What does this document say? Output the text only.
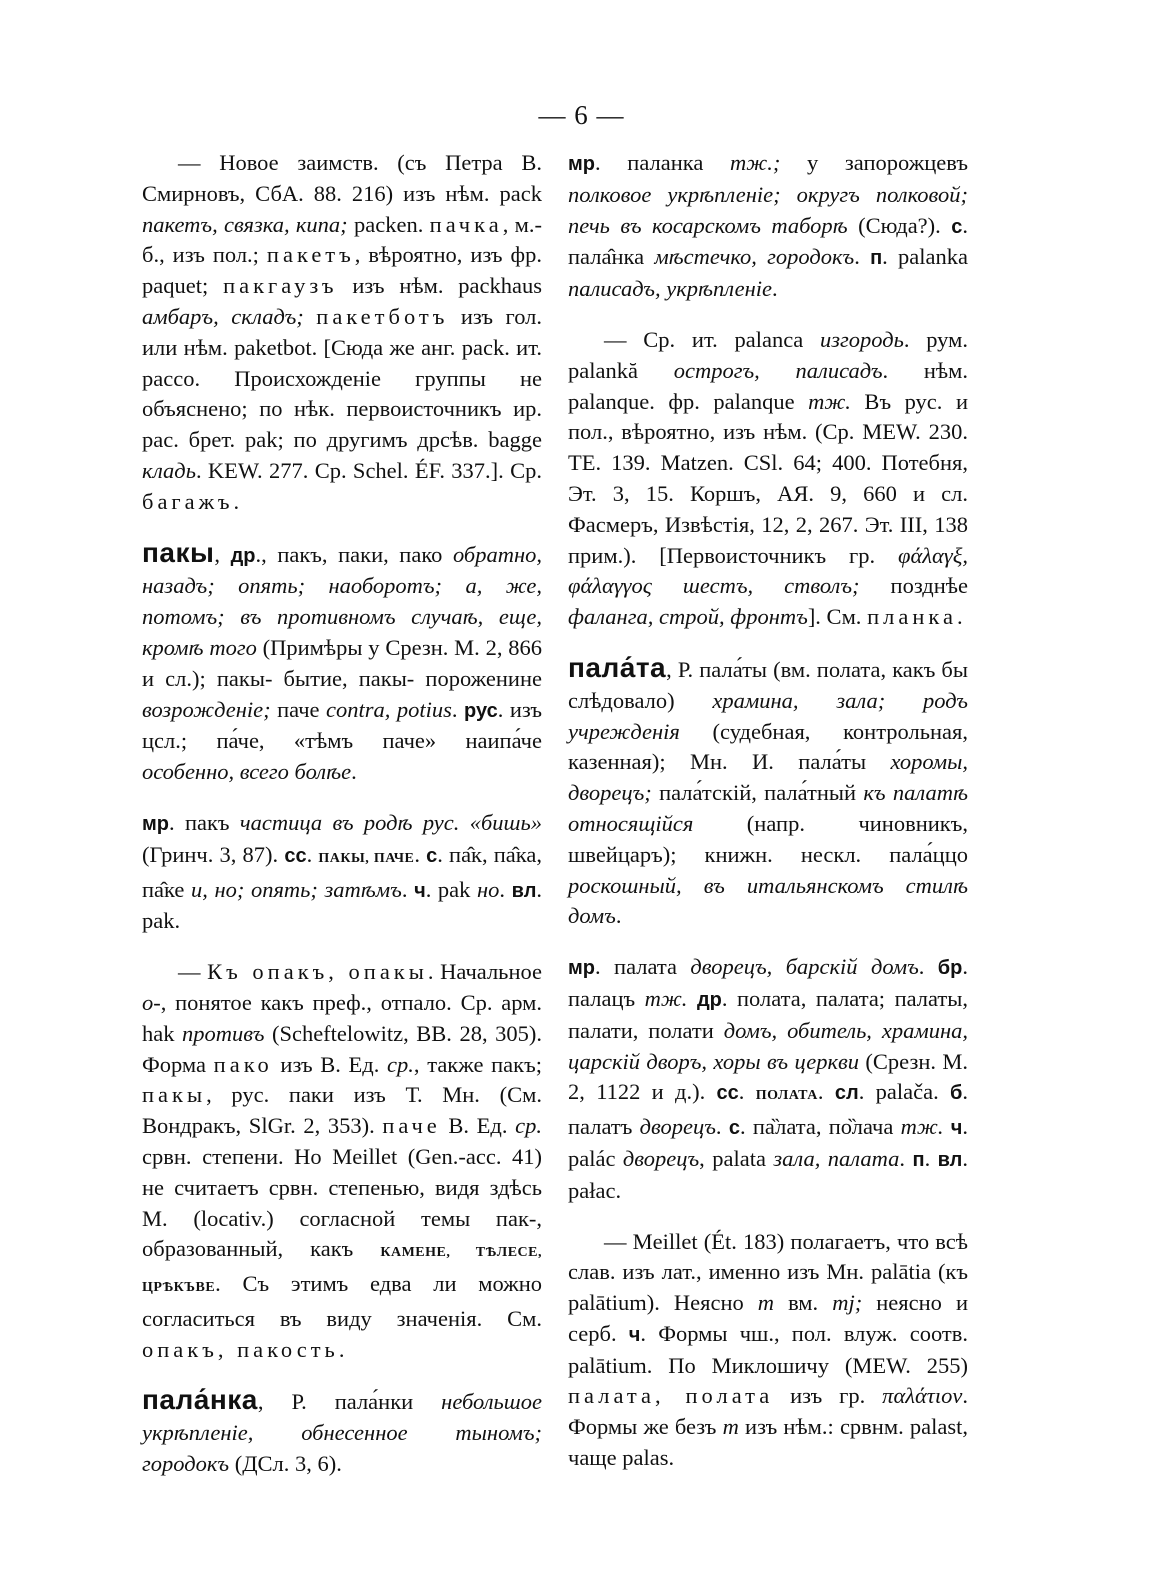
— 6 —

— Новое заимств. (съ Петра В. Смирновъ, СбА. 88. 216) изъ нѣм. pack пакетъ, связка, кипа; packen. пачка, м.-б., изъ пол.; пакетъ, вѣроятно, изъ фр. paquet; пакгаузъ изъ нѣм. packhaus амбаръ, складъ; пакетботъ изъ гол. или нѣм. paketbot. [Сюда же анг. pack. ит. pacco. Происхожденіе группы не объяснено; по нѣк. первоисточникъ ир. pac. брет. pak; по другимъ дрсѣв. bagge кладь. KEW. 277. Ср. Schel. ÉF. 337.]. Ср. багажъ.

пакы, др., пакъ, паки, пако обратно, назадъ; опять; наоборотъ; а, же, потомъ; въ противномъ случаѣ, еще, кромѣ того (Примѣры у Срезн. М. 2, 866 и сл.); пакы- бытие, пакы- пороженине возрожденіе; паче contra, potius. рус. изъ цсл.; па́че, «тѣмъ паче» наипа́че особенно, всего болѣе.

мр. пакъ частица въ родѣ рус. «бишь» (Гринч. 3, 87). сс. ПАКЫ, ПАЧЕ. с. па̂к, па̂ка, па̂ке и, но; опять; затѣмъ. ч. pak но. вл. pak.

— Къ опакъ, опакы. Начальное о-, понятое какъ преф., отпало. Ср. арм. hak противъ (Scheftelowitz, BB. 28, 305). Форма пако изъ В. Ед. ср., также пакъ; пакы, рус. паки изъ Т. Мн. (См. Вондракъ, SlGr. 2, 353). паче В. Ед. ср. срвн. степени. Но Meillet (Gen.-acc. 41) не считаетъ срвн. степенью, видя здѣсь М. (locativ.) согласной темы пак-, образованный, какъ КАМЕНЕ, ТѢЛЕСЕ, ЦРѢКЪВЕ. Съ этимъ едва ли можно согласиться въ виду значенія. См. опакъ, пакость.

пала́нка, Р. пала́нки небольшое укрѣпленіе, обнесенное тыномъ; городокъ (ДСл. 3, 6).

мр. паланка тж.; у запорожцевъ полковое укрѣпленіе; округъ полковой; печь въ косарскомъ таборѣ (Сюда?). с. пала̂нка мѣстечко, городокъ. п. palanka палисадъ, укрѣпленіе.

— Ср. ит. palanca изгородь. рум. palankă острогъ, палисадъ. нѣм. palanque. фр. palanque тж. Въ рус. и пол., вѣроятно, изъ нѣм. (Ср. MEW. 230. TE. 139. Matzen. CSl. 64; 400. Потебня, Эт. 3, 15. Коршъ, АЯ. 9, 660 и сл. Фасмеръ, Извѣстія, 12, 2, 267. Эт. III, 138 прим.). [Первоисточникъ гр. φάλαγξ, φάλαγγος шестъ, стволъ; позднѣе фаланга, строй, фронтъ]. См. планка.

пала́та, Р. пала́ты (вм. полата, какъ бы слѣдовало) храмина, зала; родъ учрежденія (судебная, контрольная, казенная); Мн. И. пала́ты хоромы, дворецъ; пала́тскій, пала́тный къ палатѣ относящійся (напр. чиновникъ, швейцаръ); книжн. нескл. пала́ццо роскошный, въ итальянскомъ стилѣ домъ.

мр. палата дворецъ, барскій домъ. бр. палацъ тж. др. полата, палата; палаты, палати, полати домъ, обитель, храмина, царскій дворъ, хоры въ церкви (Срезн. М. 2, 1122 и д.). сс. ПОЛАТА. сл. palača. б. палатъ дворецъ. с. па̏лата, по̏лача тж. ч. palác дворецъ, palata зала, палата. п. вл. pałac.

— Meillet (Ét. 183) полагаетъ, что всѣ слав. изъ лат., именно изъ Мн. palātia (къ palātium). Неясно т вм. тj; неясно и серб. ч. Формы чш., пол. влуж. соотв. palātium. По Миклошичу (MEW. 255) палата, полата изъ гр. παλάτιον. Формы же безъ т изъ нѣм.: срвнм. palast, чаще palas.
